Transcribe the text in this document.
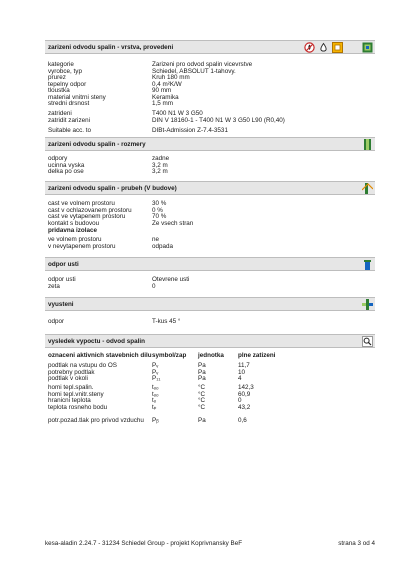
zarizeni odvodu spalin - vrstva, provedeni
kategorie	Zarizeni pro odvod spalin vicevrstve
vyrobce, typ	Schiedel, ABSOLUT 1-tahovy.
prurez	Kruh 180 mm
tepelny odpor	0,4 m²K/W
tloustka	90 mm
material vnitrni steny	Keramika
stredni drsnost	1,5 mm
zatrideni	T400 N1 W 3 G50
zatridit zarizeni	DIN V 18160-1 - T400 N1 W 3 G50 L90 (R0,40)
Suitable acc. to	DIBt-Admission Z-7.4-3531
zarizeni odvodu spalin - rozmery
odpory	zadne
ucinna vyska	3,2 m
delka po ose	3,2 m
zarizeni odvodu spalin - prubeh (V budove)
cast ve volnem prostoru	30 %
cast v ochlazovanem prostoru	0 %
cast ve vytapenem prostoru	70 %
kontakt s budovou	Ze vsech stran
pridavna izolace
ve volnem prostoru	ne
v nevytapenem prostoru	odpada
odpor usti
odpor usti	Otevrene usti
zeta	0
vyusteni
odpor	T-kus 45 °
vysledek vypoctu - odvod spalin
oznaceni aktivnich stavebnich dilu symbol/zap jednotka plne zatizeni
podtlak na vstupu do OS	Pᵥ	Pa	11,7
potrebny podtlak	Pᵥ	Pa	10
podtlak v okoli	P₁₁	Pa	4
homi tepl.spalin.	tₒₒ	°C	142,3
homi tepl.vnitr.steny	tₒₒ	°C	60,9
hranicni teplota	tₒ	°C	0
teplota rosneho bodu	tₚ	°C	43,2
potr.pozad.tlak pro privod vzduchu Pᵦ	Pa	0,6
kesa-aladin 2.24.7 - 31234 Schiedel Group - projekt Koprivnansky BeF	strana 3 od 4
